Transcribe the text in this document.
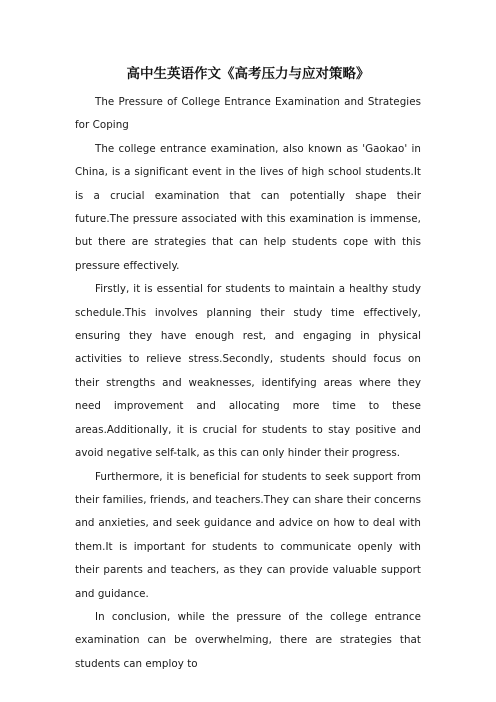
高中生英语作文《高考压力与应对策略》

The Pressure of College Entrance Examination and Strategies for Coping

The college entrance examination, also known as 'Gaokao' in China, is a significant event in the lives of high school students.It is a crucial examination that can potentially shape their future.The pressure associated with this examination is immense, but there are strategies that can help students cope with this pressure effectively.

Firstly, it is essential for students to maintain a healthy study schedule.This involves planning their study time effectively, ensuring they have enough rest, and engaging in physical activities to relieve stress.Secondly, students should focus on their strengths and weaknesses, identifying areas where they need improvement and allocating more time to these areas.Additionally, it is crucial for students to stay positive and avoid negative self-talk, as this can only hinder their progress.

Furthermore, it is beneficial for students to seek support from their families, friends, and teachers.They can share their concerns and anxieties, and seek guidance and advice on how to deal with them.It is important for students to communicate openly with their parents and teachers, as they can provide valuable support and guidance.

In conclusion, while the pressure of the college entrance examination can be overwhelming, there are strategies that students can employ to
